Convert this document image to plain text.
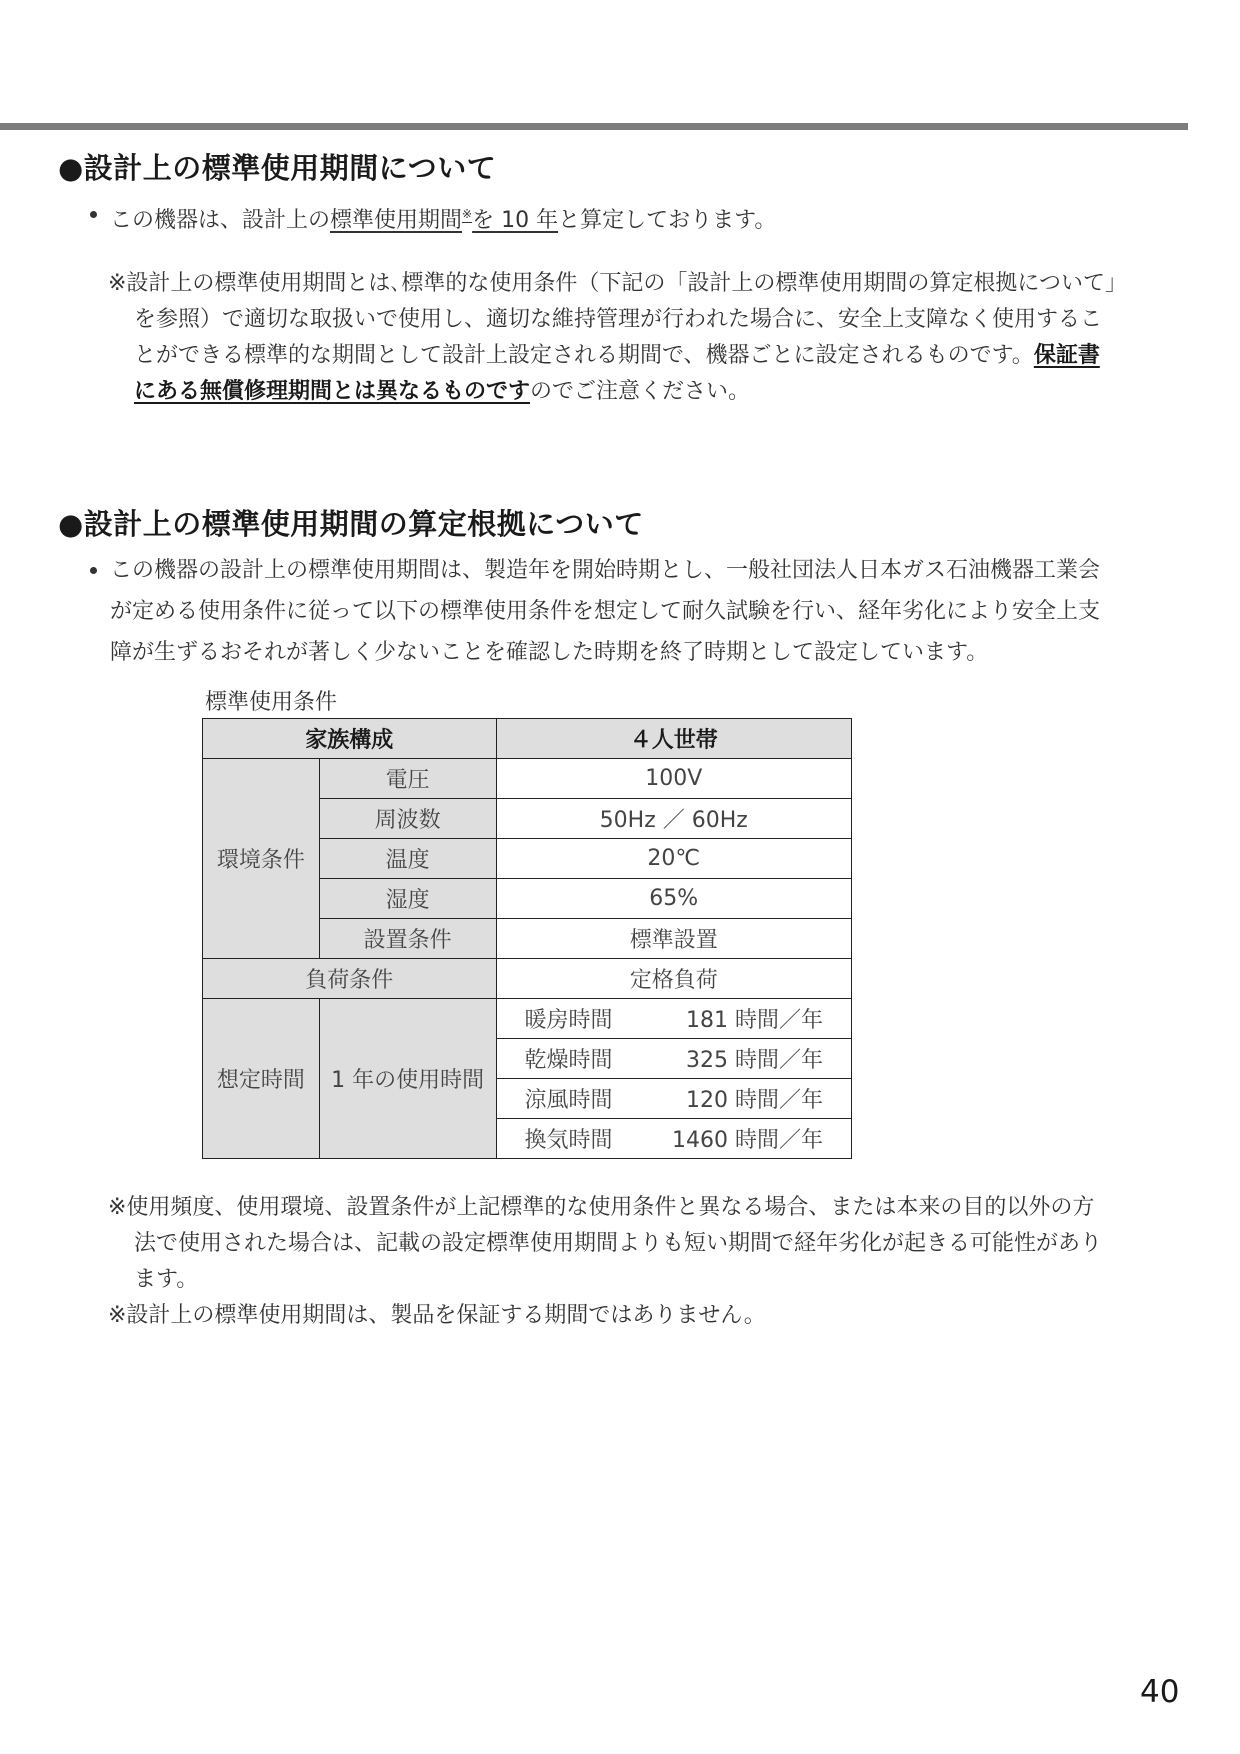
●設計上の標準使用期間について
この機器は、設計上の標準使用期間※を 10 年と算定しております。
※設計上の標準使用期間とは､標準的な使用条件（下記の「設計上の標準使用期間の算定根拠について」
を参照）で適切な取扱いで使用し、適切な維持管理が行われた場合に、安全上支障なく使用するこ
とができる標準的な期間として設計上設定される期間で、機器ごとに設定されるものです。保証書
にある無償修理期間とは異なるものですのでご注意ください。
●設計上の標準使用期間の算定根拠について
この機器の設計上の標準使用期間は、製造年を開始時期とし、一般社団法人日本ガス石油機器工業会
が定める使用条件に従って以下の標準使用条件を想定して耐久試験を行い、経年劣化により安全上支
障が生ずるおそれが著しく少ないことを確認した時期を終了時期として設定しています。
標準使用条件
家族構成		４人世帯
環境条件	電圧	100V
	周波数	50Hz ／ 60Hz
	温度	20℃
	湿度	65%
	設置条件	標準設置
負荷条件		定格負荷
想定時間	1 年の使用時間	暖房時間 181 時間／年

		乾燥時間 325 時間／年

		涼風時間 120 時間／年

		換気時間 1460 時間／年
※使用頻度、使用環境、設置条件が上記標準的な使用条件と異なる場合、または本来の目的以外の方
法で使用された場合は、記載の設定標準使用期間よりも短い期間で経年劣化が起きる可能性があり
ます。
※設計上の標準使用期間は、製品を保証する期間ではありません。
40
